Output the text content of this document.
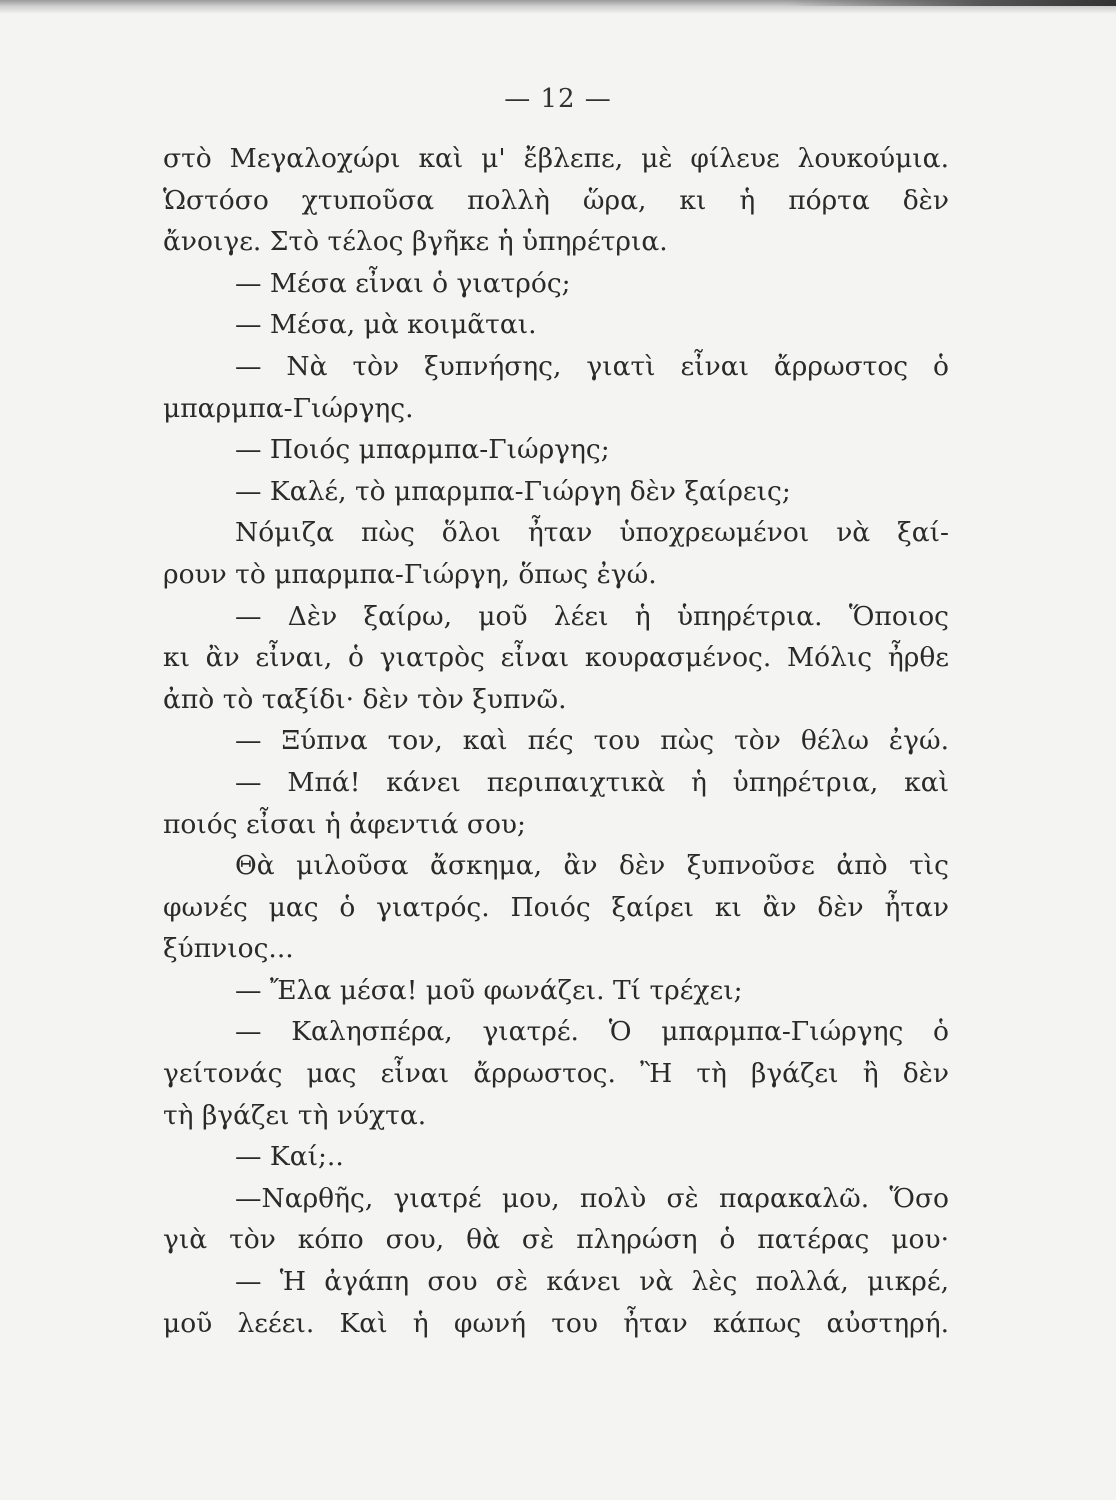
— 12 —
στὸ Μεγαλοχώρι καὶ μ' ἔβλεπε, μὲ φίλευε λουκούμια.
Ὡστόσο χτυποῦσα πολλὴ ὥρα, κι ἡ πόρτα δὲν
ἄνοιγε. Στὸ τέλος βγῆκε ἡ ὑπηρέτρια.
— Μέσα εἶναι ὁ γιατρός;
— Μέσα, μὰ κοιμᾶται.
— Νὰ τὸν ξυπνήσης, γιατὶ εἶναι ἄρρωστος ὁ
μπαρμπα-Γιώργης.
— Ποιός μπαρμπα-Γιώργης;
— Καλέ, τὸ μπαρμπα-Γιώργη δὲν ξαίρεις;
Νόμιζα πὼς ὅλοι ἦταν ὑποχρεωμένοι νὰ ξαί-
ρουν τὸ μπαρμπα-Γιώργη, ὅπως ἐγώ.
— Δὲν ξαίρω, μοῦ λέει ἡ ὑπηρέτρια. Ὅποιος
κι ἂν εἶναι, ὁ γιατρὸς εἶναι κουρασμένος. Μόλις ἦρθε
ἀπὸ τὸ ταξίδι· δὲν τὸν ξυπνῶ.
— Ξύπνα τον, καὶ πές του πὼς τὸν θέλω ἐγώ.
— Μπά! κάνει περιπαιχτικὰ ἡ ὑπηρέτρια, καὶ
ποιός εἶσαι ἡ ἀφεντιά σου;
Θὰ μιλοῦσα ἄσκημα, ἂν δὲν ξυπνοῦσε ἀπὸ τὶς
φωνές μας ὁ γιατρός. Ποιός ξαίρει κι ἂν δὲν ἦταν
ξύπνιος...
— Ἔλα μέσα! μοῦ φωνάζει. Τί τρέχει;
— Καλησπέρα, γιατρέ. Ὁ μπαρμπα-Γιώργης ὁ
γείτονάς μας εἶναι ἄρρωστος. Ἢ τὴ βγάζει ἢ δὲν
τὴ βγάζει τὴ νύχτα.
— Καί;..
—Ναρθῆς, γιατρέ μου, πολὺ σὲ παρακαλῶ. Ὅσο
γιὰ τὸν κόπο σου, θὰ σὲ πληρώση ὁ πατέρας μου·
— Ἡ ἀγάπη σου σὲ κάνει νὰ λὲς πολλά, μικρέ,
μοῦ λεέει. Καὶ ἡ φωνή του ἦταν κάπως αὐστηρή.
